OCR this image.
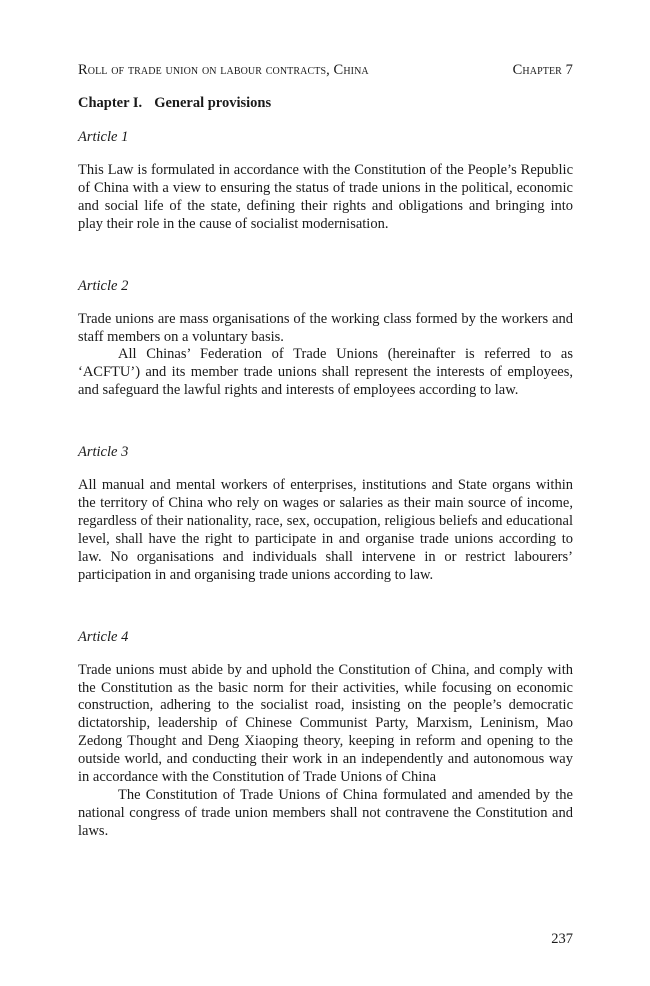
Roll of trade union on labour contracts, China	Chapter 7
Chapter I. General provisions
Article 1

This Law is formulated in accordance with the Constitution of the People’s Republic of China with a view to ensuring the status of trade unions in the political, economic and social life of the state, defining their rights and obligations and bringing into play their role in the cause of socialist modernisation.

Article 2

Trade unions are mass organisations of the working class formed by the workers and staff members on a voluntary basis.

All Chinas’ Federation of Trade Unions (hereinafter is referred to as ‘ACFTU’) and its member trade unions shall represent the interests of employees, and safeguard the lawful rights and interests of employees according to law.

Article 3

All manual and mental workers of enterprises, institutions and State organs within the territory of China who rely on wages or salaries as their main source of income, regardless of their nationality, race, sex, occupation, religious beliefs and educational level, shall have the right to participate in and organise trade unions according to law. No organisations and individuals shall intervene in or restrict labourers’ participation in and organising trade unions according to law.

Article 4

Trade unions must abide by and uphold the Constitution of China, and comply with the Constitution as the basic norm for their activities, while focusing on economic construction, adhering to the socialist road, insisting on the people’s democratic dictatorship, leadership of Chinese Communist Party, Marxism, Leninism, Mao Zedong Thought and Deng Xiaoping theory, keeping in reform and opening to the outside world, and conducting their work in an independently and autonomous way in accordance with the Constitution of Trade Unions of China

The Constitution of Trade Unions of China formulated and amended by the national congress of trade union members shall not contravene the Constitution and laws.

237
